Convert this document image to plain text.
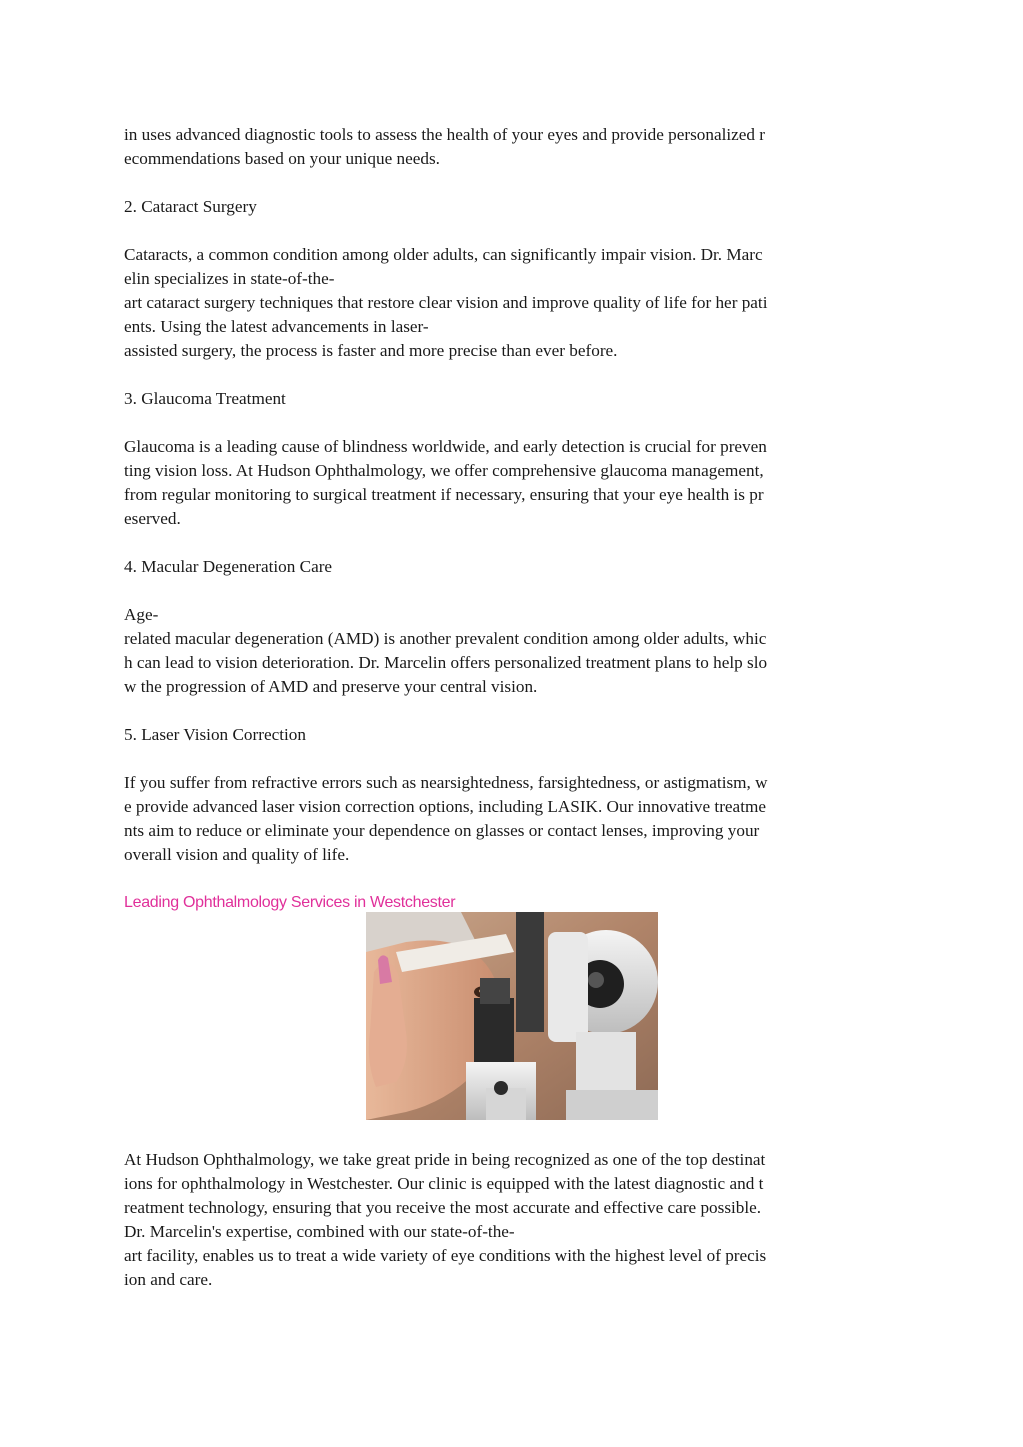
in uses advanced diagnostic tools to assess the health of your eyes and provide personalized r
ecommendations based on your unique needs.
2. Cataract Surgery
Cataracts, a common condition among older adults, can significantly impair vision. Dr. Marc
elin specializes in state-of-the-
art cataract surgery techniques that restore clear vision and improve quality of life for her pati
ents. Using the latest advancements in laser-
assisted surgery, the process is faster and more precise than ever before.
3. Glaucoma Treatment
Glaucoma is a leading cause of blindness worldwide, and early detection is crucial for preven
ting vision loss. At Hudson Ophthalmology, we offer comprehensive glaucoma management,
from regular monitoring to surgical treatment if necessary, ensuring that your eye health is pr
eserved.
4. Macular Degeneration Care
Age-
related macular degeneration (AMD) is another prevalent condition among older adults, whic
h can lead to vision deterioration. Dr. Marcelin offers personalized treatment plans to help slo
w the progression of AMD and preserve your central vision.
5. Laser Vision Correction
If you suffer from refractive errors such as nearsightedness, farsightedness, or astigmatism, w
e provide advanced laser vision correction options, including LASIK. Our innovative treatme
nts aim to reduce or eliminate your dependence on glasses or contact lenses, improving your
overall vision and quality of life.
Leading Ophthalmology Services in Westchester
At Hudson Ophthalmology, we take great pride in being recognized as one of the top destinat
ions for ophthalmology in Westchester. Our clinic is equipped with the latest diagnostic and t
reatment technology, ensuring that you receive the most accurate and effective care possible.
Dr. Marcelin's expertise, combined with our state-of-the-
art facility, enables us to treat a wide variety of eye conditions with the highest level of precis
ion and care.
